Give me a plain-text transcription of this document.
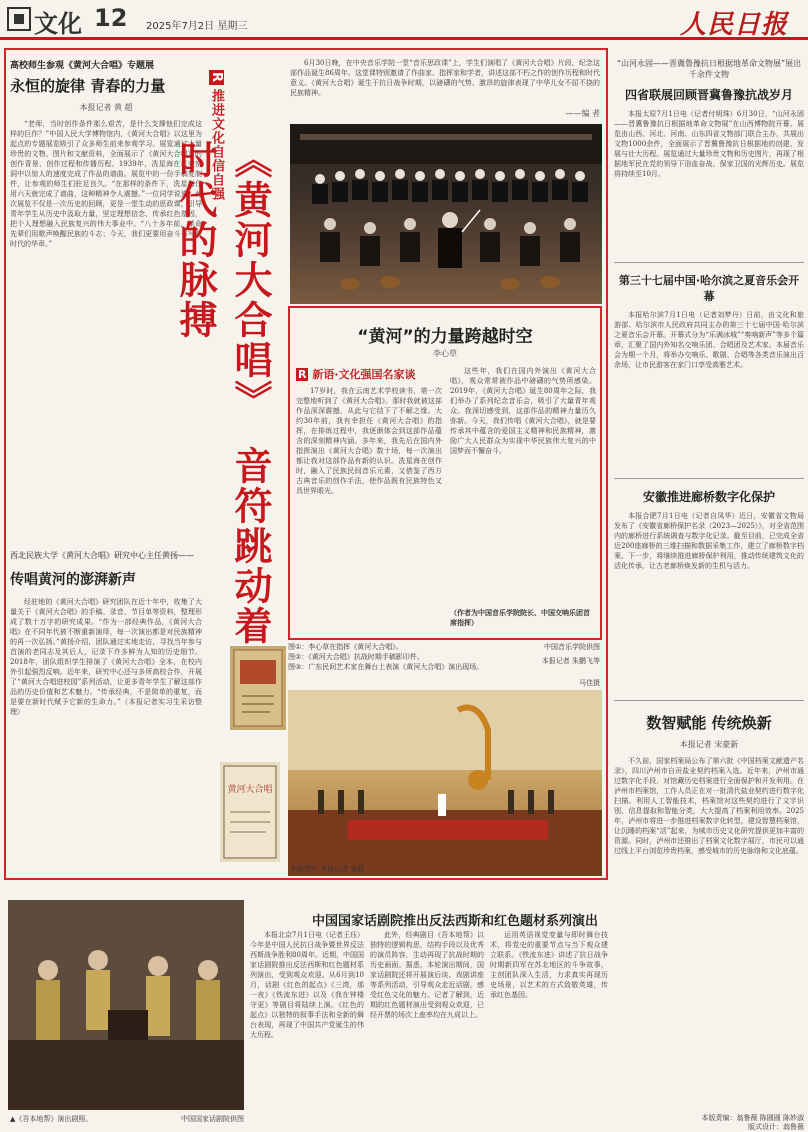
文化 12 2025年7月2日 星期三	人民日报
高校师生参观《黄河大合唱》专题展
永恒的旋律 青春的力量
本报记者 黄 超
“老师，当时创作条件那么艰苦，是什么支撑他们完成这样的巨作？”中国人民大学博物馆内，《黄河大合唱》以这里为起点的专题展览吸引了众多师生前来参观学习。展览通过大量珍贵的文物、图片和文献资料，全面展示了《黄河大合唱》的创作背景、创作过程和传播历程。1939年，冼星海在延安窑洞中以惊人的速度完成了作品的谱曲。展览中的一份手稿复制件，让参观的师生们驻足良久。“在那样的条件下，冼星海仅用六天就完成了谱曲，这种精神令人震撼。”一位同学说道。此次展览不仅是一次历史的回顾，更是一堂生动的思政课，引导青年学生从历史中汲取力量，坚定理想信念，传承红色基因，把个人理想融入民族复兴的伟大事业中。“八十多年前，革命先辈们用歌声唤醒民族的斗志；今天，我们更要用奋斗书写新时代的华章。”
西北民族大学《黄河大合唱》研究中心主任黄扬——
传唱黄河的澎湃新声
经驻地的《黄河大合唱》研究团队在近十年中，收集了大量关于《黄河大合唱》的手稿、录音、节目单等资料，整理形成了数十万字的研究成果。“作为一部经典作品，《黄河大合唱》在不同年代被不断重新演绎，每一次演出都是对民族精神的再一次弘扬。”黄扬介绍，团队通过实地走访，寻找当年参与首演的老同志及其后人，记录下许多鲜为人知的历史细节。2018年，团队组织学生排演了《黄河大合唱》全本，在校内外引起强烈反响。近年来，研究中心还与多所高校合作，开展了“黄河大合唱进校园”系列活动，让更多青年学生了解这部作品的历史价值和艺术魅力。“传承经典，不是简单的重复，而是要在新时代赋予它新的生命力。”（本报记者实习生采访整理）
R推进文化自信自强 《黄河大合唱》音符跳动着时代的脉搏
6月30日晚，在中央音乐学院一堂“音乐思政课”上，学生们演唱了《黄河大合唱》片段，纪念这部作品诞生86周年。这堂课特别邀请了作曲家、指挥家和学者，讲述这部不朽之作的创作历程和时代意义。《黄河大合唱》诞生于抗日战争时期，以磅礴的气势、激昂的旋律表现了中华儿女不屈不挠的民族精神。
——编 者
“黄河”的力量跨越时空
李心草
R 新语·文化强国名家谈
17岁时，我在云南艺术学校读书，第一次完整地听到了《黄河大合唱》。那时我就被这部作品深深震撼，从此与它结下了不解之缘。大约30年前，我有幸担任《黄河大合唱》的指挥，在排练过程中，我逐渐体会到这部作品蕴含的深刻精神内涵。多年来，我先后在国内外指挥演出《黄河大合唱》数十场，每一次演出都让我对这部作品有新的认识。冼星海在创作时，融入了民族民间音乐元素，又借鉴了西方古典音乐的创作手法，使作品既有民族特色又具世界眼光。
这些年，我们在国内外演出《黄河大合唱》，观众常常被作品中磅礴的气势所感染。2019年，《黄河大合唱》诞生80周年之际，我们举办了系列纪念音乐会，吸引了大量青年观众。我深切感受到，这部作品的精神力量历久弥新。今天，我们传唱《黄河大合唱》，就是要传承其中蕴含的爱国主义精神和民族精神，激励广大人民群众为实现中华民族伟大复兴的中国梦而不懈奋斗。
（作者为中国音乐学院院长、中国交响乐团首席指挥）
黄河大合唱
图①：李心草在指挥《黄河大合唱》。
图②：《黄河大合唱》抗战时期手稿影印件。
图③：广东民间艺术家在舞台上表演《黄河大合唱》演出现场。
中国音乐学院供图
本报记者 朱鹏飞等
马佳摄
本版图片 本报记者 黄超
中国国家话剧院推出反法西斯和红色题材系列演出
▲《吾本地帮》演出剧照。	中国国家话剧院供图
本报北京7月1日电（记者王珏）今年是中国人民抗日战争暨世界反法西斯战争胜利80周年。近期，中国国家话剧院推出反法西斯和红色题材系列演出，受到观众欢迎。从6月到10月，话剧《红色的起点》《三湾，那一夜》《铁流东进》以及《我在钟楼守更》等剧目将陆续上演。《红色的起点》以独特的叙事手法和全新的舞台表现，再现了中国共产党诞生的伟大历程。
此外，经典剧目《吾本地帮》以独特的逻辑构思，结构手段以及优秀的演员阵容，生动再现了抗战时期的历史画面。据悉，本轮演出期间，国家话剧院还将开展演后谈、戏剧讲座等系列活动，引导观众走近话剧，感受红色文化的魅力。记者了解到，近期的红色题材演出受到观众欢迎，已经开票的场次上座率均在九成以上。
运用英语视觉变量与即时舞台技术，将党史的重要节点与当下观众建立联系。《铁流东进》讲述了抗日战争时期新四军在苏北地区的斗争故事，主创团队深入生活，力求真实再现历史场景，以艺术的方式致敬英雄，传承红色基因。
“山河永固——晋冀鲁豫抗日根据地革命文物展”展出千余件文物
四省联展回顾晋冀鲁豫抗战岁月
本报太原7月1日电（记者付明珠）6月30日，“山河永固——晋冀鲁豫抗日根据地革命文物展”在山西博物院开幕。展览由山西、河北、河南、山东四省文物部门联合主办，共展出文物1000余件，全面展示了晋冀鲁豫抗日根据地的创建、发展与壮大历程。展览通过大量珍贵文物和历史图片，再现了根据地军民在党的领导下浴血奋战、保家卫国的光辉历史。展览将持续至10月。
第三十七届中国·哈尔滨之夏音乐会开幕
本报哈尔滨7月1日电（记者刘梦丹）日前，由文化和旅游部、哈尔滨市人民政府共同主办的第三十七届中国·哈尔滨之夏音乐会开幕。开幕式分为“乐满冰城”“奏响新声”等多个篇章，汇聚了国内外知名交响乐团、合唱团及艺术家。本届音乐会为期一个月，将举办交响乐、歌剧、合唱等各类音乐演出百余场，让市民游客在家门口享受高雅艺术。
安徽推进廊桥数字化保护
本报合肥7月1日电（记者自凤华）近日，安徽省文物局发布了《安徽省廊桥保护名录（2023—2025）》，对全省范围内的廊桥进行系统调查与数字化记录。截至目前，已完成全省近200座廊桥的三维扫描和数据采集工作，建立了廊桥数字档案。下一步，将继续推进廊桥保护利用，推动传统建筑文化的活化传承，让古老廊桥焕发新的生机与活力。
数智赋能 传统焕新
本报记者 宋豪新
不久前，国家档案局公布了第六批《中国档案文献遗产名录》，四川泸州市自贡盐业契约档案入选。近年来，泸州市通过数字化手段，对馆藏历史档案进行全面保护和开发利用。在泸州市档案馆，工作人员正在对一批清代盐业契约进行数字化扫描。利用人工智能技术，档案馆对这些契约进行了文字识别、信息提取和智能分类，大大提高了档案利用效率。2025年，泸州市将进一步推进档案数字化转型，建设智慧档案馆，让沉睡的档案“活”起来，为城市历史文化研究提供更加丰富的资源。同时，泸州市还推出了档案文化数字展厅，市民可以通过线上平台浏览珍贵档案，感受城市的历史脉络和文化底蕴。
本版责编：翁鲁薇 陈圆圆 陈妙淑
版式设计：翁鲁薇
